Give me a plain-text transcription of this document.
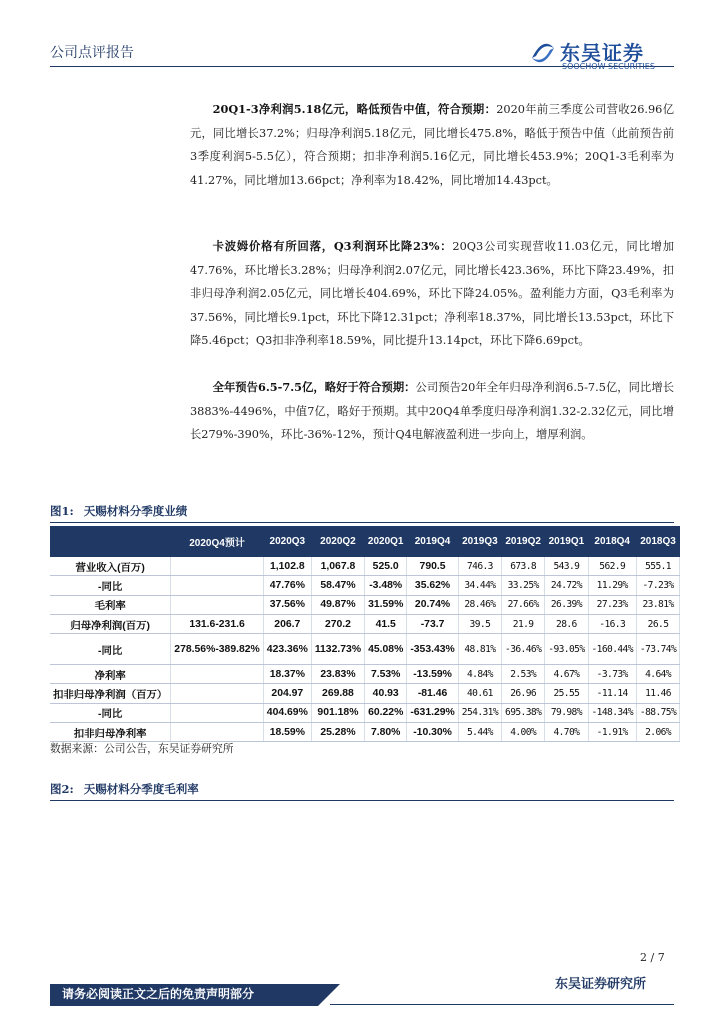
公司点评报告	东吴证券
SOOCHOW SECURITIES

20Q1-3净利润5.18亿元，略低预告中值，符合预期：2020年前三季度公司营收26.96亿元，同比增长37.2%；归母净利润5.18亿元，同比增长475.8%，略低于预告中值（此前预告前3季度利润5-5.5亿），符合预期；扣非净利润5.16亿元，同比增长453.9%；20Q1-3毛利率为41.27%，同比增加13.66pct；净利率为18.42%，同比增加14.43pct。

卡波姆价格有所回落，Q3利润环比降23%：20Q3公司实现营收11.03亿元，同比增加47.76%，环比增长3.28%；归母净利润2.07亿元，同比增长423.36%，环比下降23.49%，扣非归母净利润2.05亿元，同比增长404.69%，环比下降24.05%。盈利能力方面，Q3毛利率为37.56%，同比增长9.1pct，环比下降12.31pct；净利率18.37%，同比增长13.53pct，环比下降5.46pct；Q3扣非净利率18.59%，同比提升13.14pct，环比下降6.69pct。

全年预告6.5-7.5亿，略好于符合预期：公司预告20年全年归母净利润6.5-7.5亿，同比增长3883%-4496%，中值7亿，略好于预期。其中20Q4单季度归母净利润1.32-2.32亿元，同比增长279%-390%，环比-36%-12%，预计Q4电解液盈利进一步向上，增厚利润。

图1: 天赐材料分季度业绩
	2020Q4预计	2020Q3	2020Q2	2020Q1	2019Q4	2019Q3	2019Q2	2019Q1	2018Q4	2018Q3
营业收入(百万)		1,102.8	1,067.8	525.0	790.5	746.3	673.8	543.9	562.9	555.1
-同比		47.76%	58.47%	-3.48%	35.62%	34.44%	33.25%	24.72%	11.29%	-7.23%
毛利率		37.56%	49.87%	31.59%	20.74%	28.46%	27.66%	26.39%	27.23%	23.81%
归母净利润(百万)	131.6-231.6	206.7	270.2	41.5	-73.7	39.5	21.9	28.6	-16.3	26.5
-同比	278.56%-389.82%	423.36%	1132.73%	45.08%	-353.43%	48.81%	-36.46%	-93.05%	-160.44%	-73.74%
净利率		18.37%	23.83%	7.53%	-13.59%	4.84%	2.53%	4.67%	-3.73%	4.64%
扣非归母净利润（百万）		204.97	269.88	40.93	-81.46	40.61	26.96	25.55	-11.14	11.46
-同比		404.69%	901.18%	60.22%	-631.29%	254.31%	695.38%	79.98%	-148.34%	-88.75%
扣非归母净利率		18.59%	25.28%	7.80%	-10.30%	5.44%	4.00%	4.70%	-1.91%	2.06%
数据来源：公司公告，东吴证券研究所
图2: 天赐材料分季度毛利率
2 / 7
请务必阅读正文之后的免责声明部分
东吴证券研究所
